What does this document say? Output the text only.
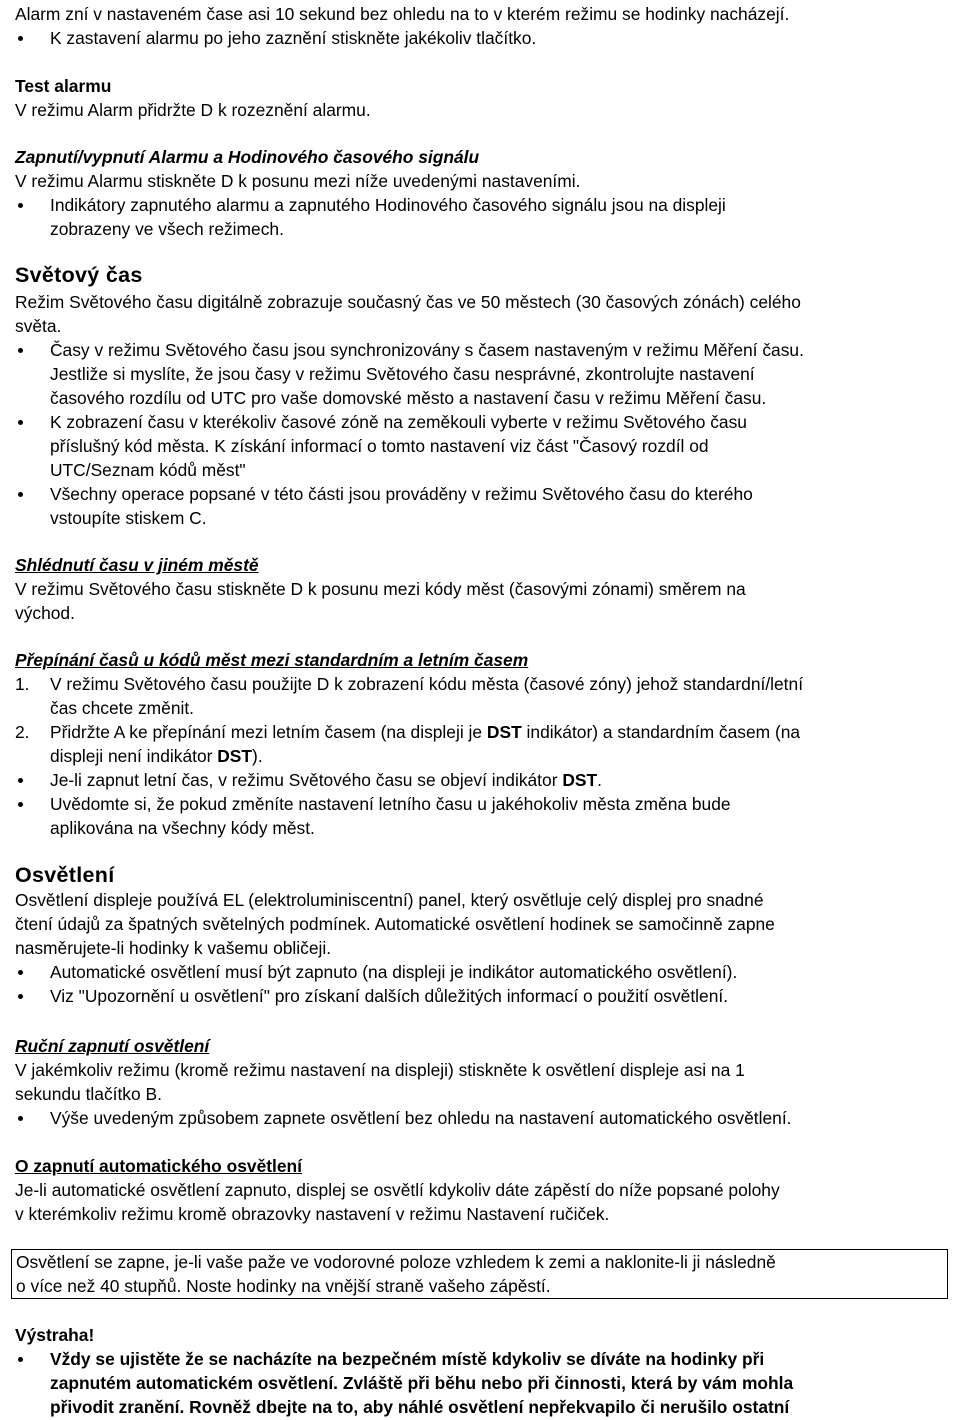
Alarm zní v nastaveném čase asi 10 sekund bez ohledu na to v kterém režimu se hodinky nacházejí.
K zastavení alarmu po jeho zaznění stiskněte jakékoliv tlačítko.
Test alarmu
V režimu Alarm přidržte D k rozeznění alarmu.
Zapnutí/vypnutí Alarmu a Hodinového časového signálu
V režimu Alarmu stiskněte D k posunu mezi níže uvedenými nastaveními.
Indikátory zapnutého alarmu a zapnutého Hodinového časového signálu jsou na displeji
zobrazeny ve všech režimech.
Světový čas
Režim Světového času digitálně zobrazuje současný čas ve 50 městech (30 časových zónách) celého
světa.
Časy v režimu Světového času jsou synchronizovány s časem nastaveným v režimu Měření času.
Jestliže si myslíte, že jsou časy v režimu Světového času nesprávné, zkontrolujte nastavení
časového rozdílu od UTC pro vaše domovské město a nastavení času v režimu Měření času.
K zobrazení času v kterékoliv časové zóně na zeměkouli vyberte v režimu Světového času
příslušný kód města. K získání informací o tomto nastavení viz část "Časový rozdíl od
UTC/Seznam kódů měst"
Všechny operace popsané v této části jsou prováděny v režimu Světového času do kterého
vstoupíte stiskem C.
Shlédnutí času v jiném městě
V režimu Světového času stiskněte D k posunu mezi kódy měst (časovými zónami) směrem na
východ.
Přepínání časů u kódů měst mezi standardním a letním časem
1. V režimu Světového času použijte D k zobrazení kódu města (časové zóny) jehož standardní/letní
čas chcete změnit.
2. Přidržte A ke přepínání mezi letním časem (na displeji je DST indikátor) a standardním časem (na
displeji není indikátor DST).
Je-li zapnut letní čas, v režimu Světového času se objeví indikátor DST.
Uvědomte si, že pokud změníte nastavení letního času u jakéhokoliv města změna bude
aplikována na všechny kódy měst.
Osvětlení
Osvětlení displeje používá EL (elektroluminiscentní) panel, který osvětluje celý displej pro snadné
čtení údajů za špatných světelných podmínek. Automatické osvětlení hodinek se samočinně zapne
nasměrujete-li hodinky k vašemu obličeji.
Automatické osvětlení musí být zapnuto (na displeji je indikátor automatického osvětlení).
Viz "Upozornění u osvětlení" pro získaní dalších důležitých informací o použití osvětlení.
Ruční zapnutí osvětlení
V jakémkoliv režimu (kromě režimu nastavení na displeji) stiskněte k osvětlení displeje asi na 1
sekundu tlačítko B.
Výše uvedeným způsobem zapnete osvětlení bez ohledu na nastavení automatického osvětlení.
O zapnutí automatického osvětlení
Je-li automatické osvětlení zapnuto, displej se osvětlí kdykoliv dáte zápěstí do níže popsané polohy
v kterémkoliv režimu kromě obrazovky nastavení v režimu Nastavení ručiček.
Osvětlení se zapne, je-li vaše paže ve vodorovné poloze vzhledem k zemi a naklonite-li ji následně
o více než 40 stupňů. Noste hodinky na vnější straně vašeho zápěstí.
Výstraha!
Vždy se ujistěte že se nacházíte na bezpečném místě kdykoliv se díváte na hodinky při
zapnutém automatickém osvětlení. Zvláště při běhu nebo při činnosti, která by vám mohla
přivodit zranění. Rovněž dbejte na to, aby náhlé osvětlení nepřekvapilo či nerušilo ostatní
